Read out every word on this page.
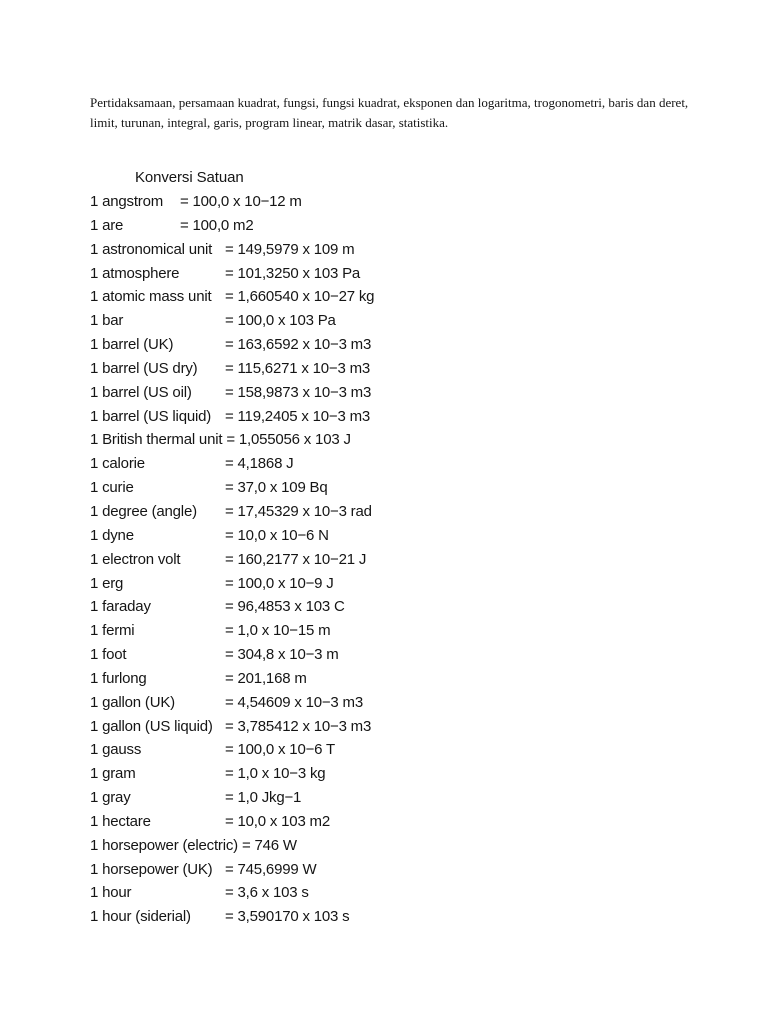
Pertidaksamaan, persamaan kuadrat, fungsi, fungsi kuadrat, eksponen dan logaritma, trogonometri, baris dan deret, limit, turunan, integral, garis, program linear, matrik dasar, statistika.

Konversi Satuan
1 angstrom = 100,0 x 10−12 m
1 are	= 100,0 m2
1 astronomical unit = 149,5979 x 109 m
1 atmosphere	= 101,3250 x 103 Pa
1 atomic mass unit = 1,660540 x 10−27 kg
1 bar	= 100,0 x 103 Pa
1 barrel (UK)	= 163,6592 x 10−3 m3
1 barrel (US dry) = 115,6271 x 10−3 m3
1 barrel (US oil) = 158,9873 x 10−3 m3
1 barrel (US liquid) = 119,2405 x 10−3 m3
1 British thermal unit = 1,055056 x 103 J
1 calorie	= 4,1868 J
1 curie	= 37,0 x 109 Bq
1 degree (angle) = 17,45329 x 10−3 rad
1 dyne	= 10,0 x 10−6 N
1 electron volt	= 160,2177 x 10−21 J
1 erg	= 100,0 x 10−9 J
1 faraday	= 96,4853 x 103 C
1 fermi	= 1,0 x 10−15 m
1 foot	= 304,8 x 10−3 m
1 furlong	= 201,168 m
1 gallon (UK)	= 4,54609 x 10−3 m3
1 gallon (US liquid) = 3,785412 x 10−3 m3
1 gauss	= 100,0 x 10−6 T
1 gram	= 1,0 x 10−3 kg
1 gray	= 1,0 Jkg−1
1 hectare	= 10,0 x 103 m2
1 horsepower (electric) = 746 W
1 horsepower (UK) = 745,6999 W
1 hour	= 3,6 x 103 s
1 hour (siderial) = 3,590170 x 103 s
